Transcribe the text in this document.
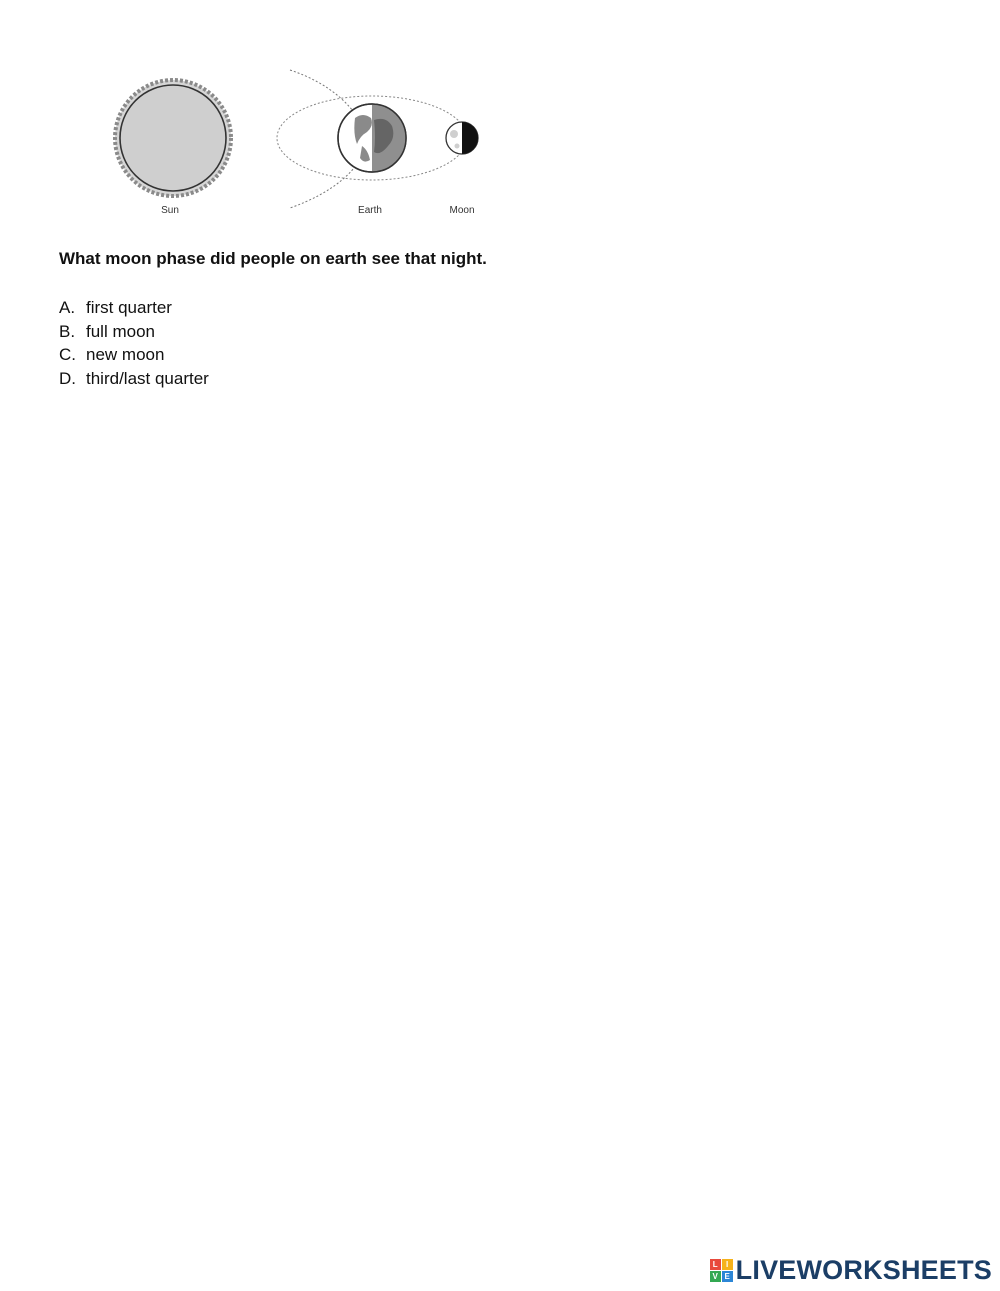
Sun	Earth	Moon

What moon phase did people on earth see that night.

A. first quarter
B. full moon
C. new moon
D. third/last quarter
L	I
V E LIVEWORKSHEETS
